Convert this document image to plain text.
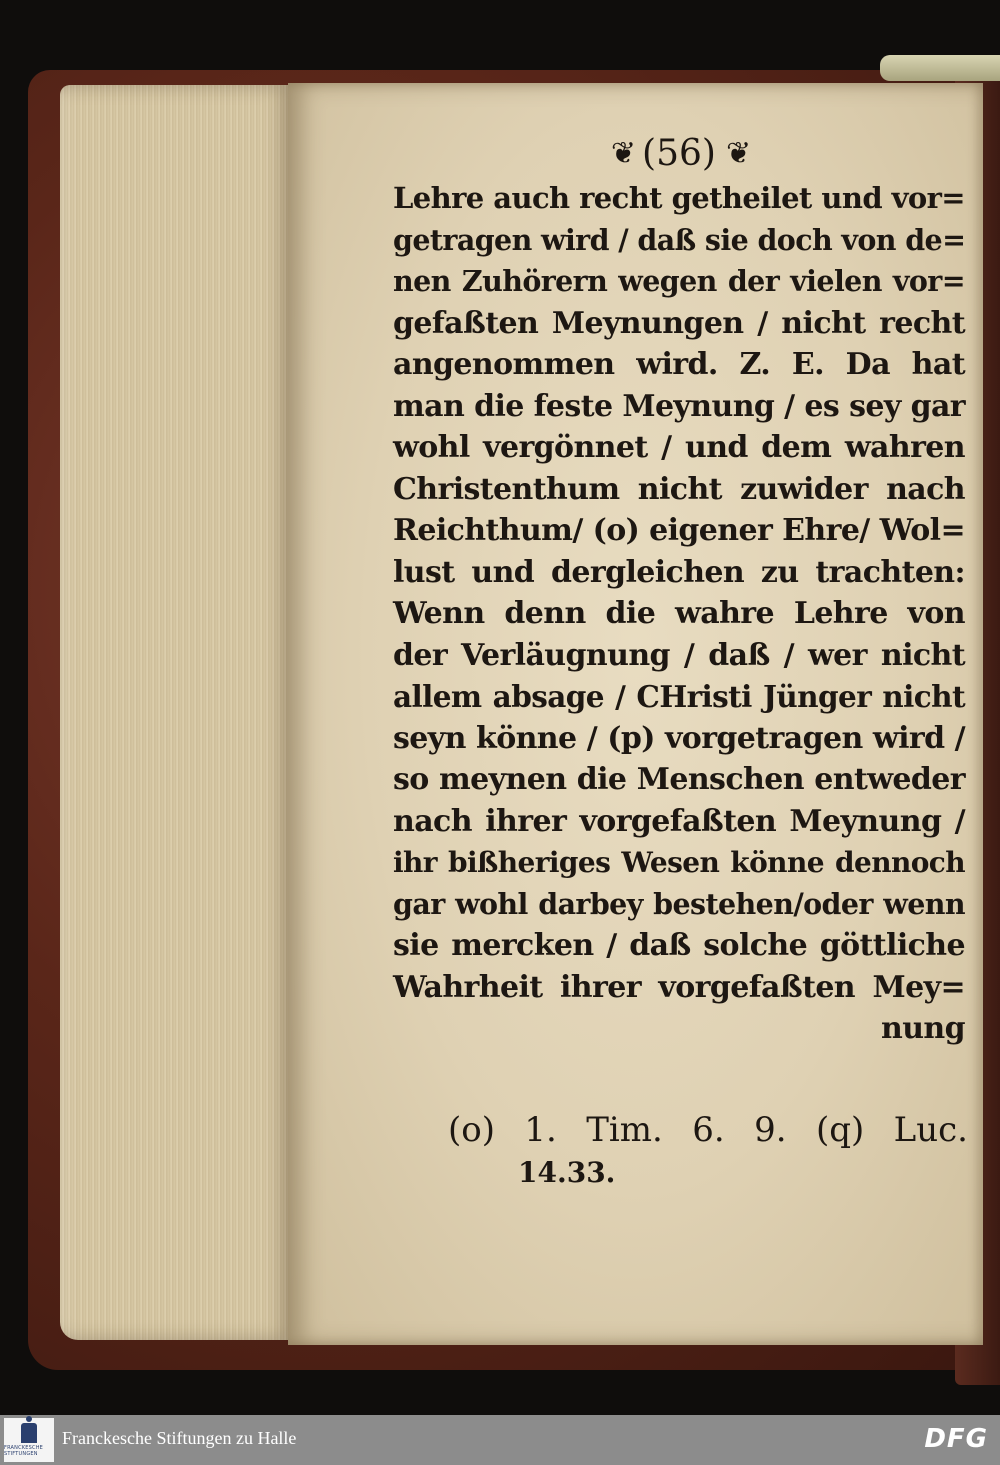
❦ (56) ❦
Lehre auch recht getheilet und vor=
getragen wird / daß sie doch von de=
nen Zuhörern wegen der vielen vor=
gefaßten Meynungen / nicht recht
angenommen wird. Z. E. Da hat
man die feste Meynung / es sey gar
wohl vergönnet / und dem wahren
Christenthum nicht zuwider nach
Reichthum/ (o) eigener Ehre/ Wol=
lust und dergleichen zu trachten:
Wenn denn die wahre Lehre von
der Verläugnung / daß / wer nicht
allem absage / CHristi Jünger nicht
seyn könne / (p) vorgetragen wird /
so meynen die Menschen entweder
nach ihrer vorgefaßten Meynung /
ihr bißheriges Wesen könne dennoch
gar wohl darbey bestehen/oder wenn
sie mercken / daß solche göttliche
Wahrheit ihrer vorgefaßten Mey=
nung
(o) 1. Tim. 6. 9. (q) Luc.
14.33.
FRANCKESCHE STIFTUNGEN
Franckesche Stiftungen zu Halle	DFG
